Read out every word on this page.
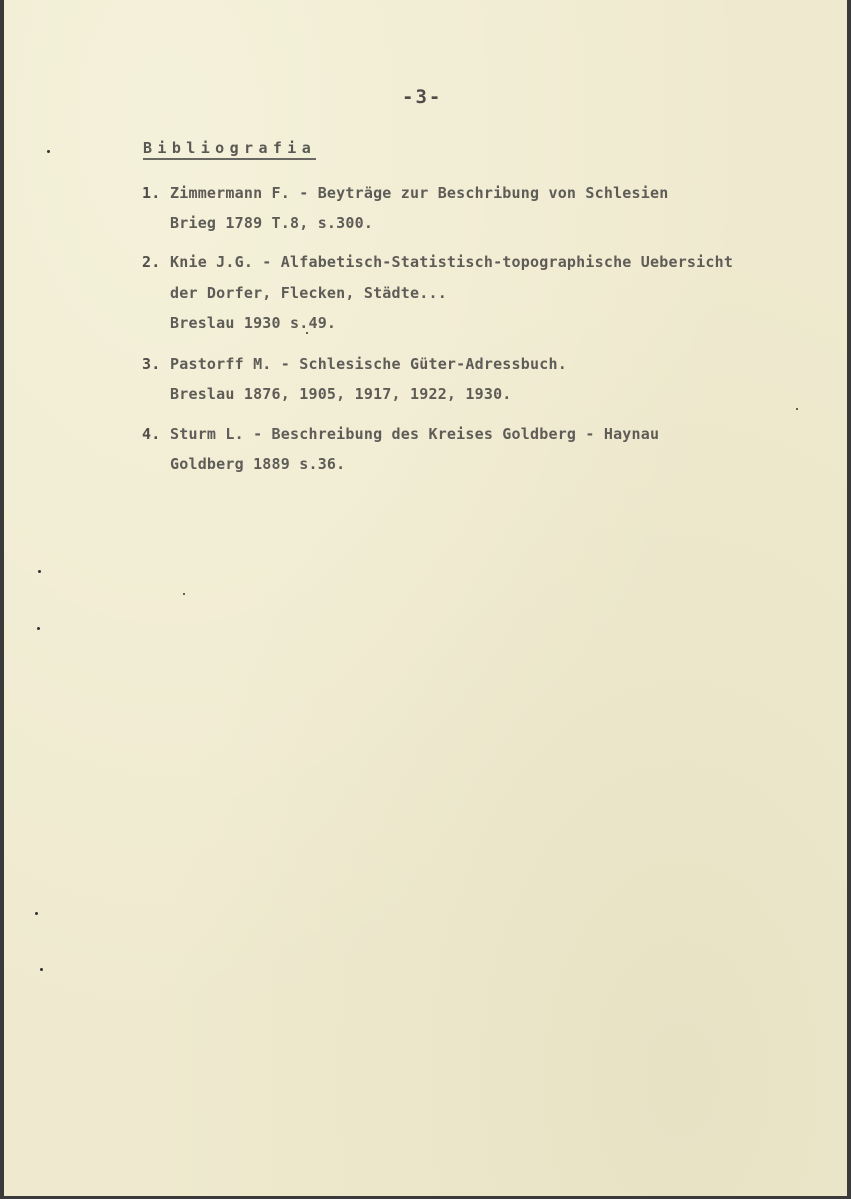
-3-
Bibliografia
1. Zimmermann F. - Beyträge zur Beschribung von Schlesien
Brieg 1789 T.8, s.300.
2. Knie J.G. - Alfabetisch-Statistisch-topographische Uebersicht
der Dorfer, Flecken, Städte...
Breslau 1930 s.49.
3. Pastorff M. - Schlesische Güter-Adressbuch.
Breslau 1876, 1905, 1917, 1922, 1930.
4. Sturm L. - Beschreibung des Kreises Goldberg - Haynau
Goldberg 1889 s.36.
